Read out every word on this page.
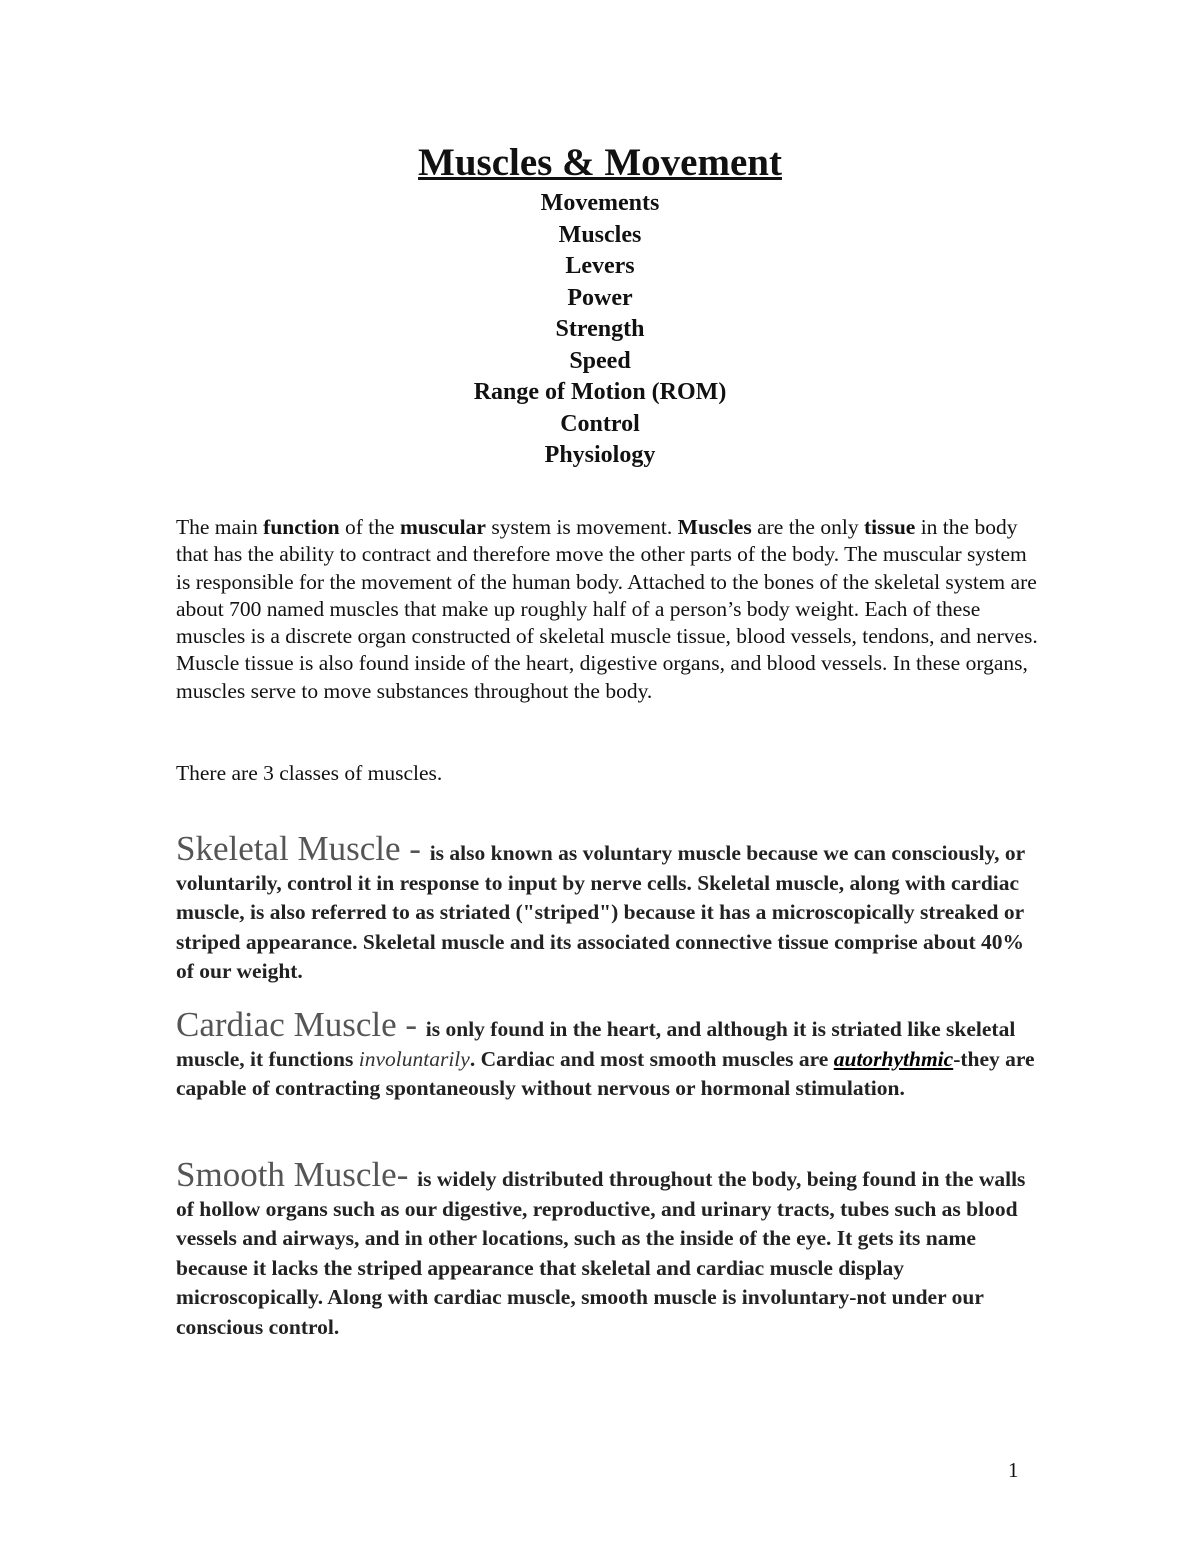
Muscles & Movement
Movements
Muscles
Levers
Power
Strength
Speed
Range of Motion (ROM)
Control
Physiology

The main function of the muscular system is movement. Muscles are the only tissue in the body that has the ability to contract and therefore move the other parts of the body. The muscular system is responsible for the movement of the human body. Attached to the bones of the skeletal system are about 700 named muscles that make up roughly half of a person’s body weight. Each of these muscles is a discrete organ constructed of skeletal muscle tissue, blood vessels, tendons, and nerves. Muscle tissue is also found inside of the heart, digestive organs, and blood vessels. In these organs, muscles serve to move substances throughout the body.

There are 3 classes of muscles.

Skeletal Muscle - is also known as voluntary muscle because we can consciously, or voluntarily, control it in response to input by nerve cells. Skeletal muscle, along with cardiac muscle, is also referred to as striated ("striped") because it has a microscopically streaked or striped appearance. Skeletal muscle and its associated connective tissue comprise about 40% of our weight.

Cardiac Muscle - is only found in the heart, and although it is striated like skeletal muscle, it functions involuntarily. Cardiac and most smooth muscles are autorhythmic-they are capable of contracting spontaneously without nervous or hormonal stimulation.

Smooth Muscle- is widely distributed throughout the body, being found in the walls of hollow organs such as our digestive, reproductive, and urinary tracts, tubes such as blood vessels and airways, and in other locations, such as the inside of the eye. It gets its name because it lacks the striped appearance that skeletal and cardiac muscle display microscopically. Along with cardiac muscle, smooth muscle is involuntary-not under our conscious control.

1
